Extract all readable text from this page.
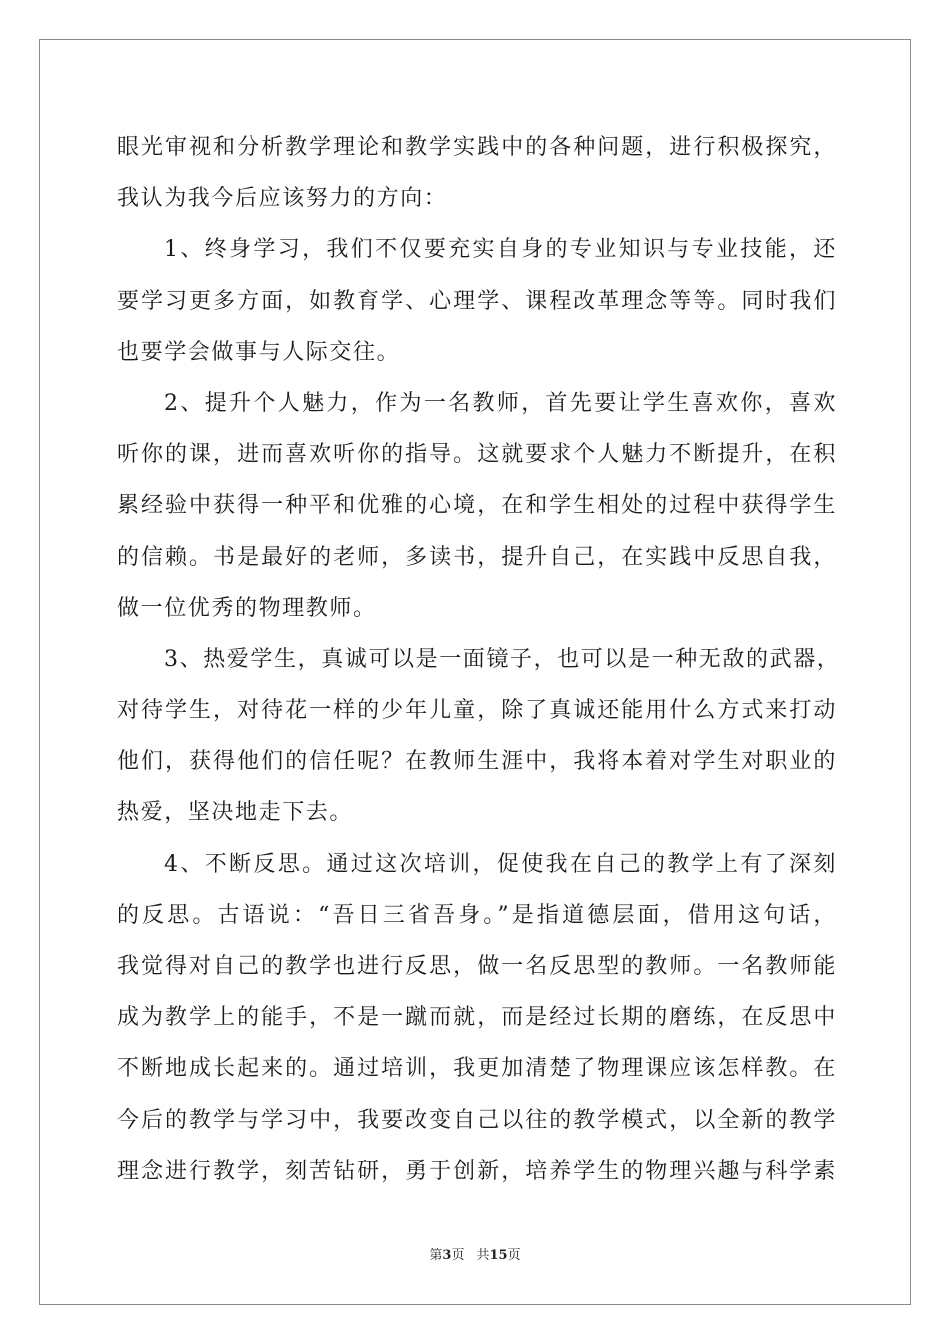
眼光审视和分析教学理论和教学实践中的各种问题，进行积极探究，
我认为我今后应该努力的方向：
1、终身学习，我们不仅要充实自身的专业知识与专业技能，还
要学习更多方面，如教育学、心理学、课程改革理念等等。同时我们
也要学会做事与人际交往。
2、提升个人魅力，作为一名教师，首先要让学生喜欢你，喜欢
听你的课，进而喜欢听你的指导。这就要求个人魅力不断提升，在积
累经验中获得一种平和优雅的心境，在和学生相处的过程中获得学生
的信赖。书是最好的老师，多读书，提升自己，在实践中反思自我，
做一位优秀的物理教师。
3、热爱学生，真诚可以是一面镜子，也可以是一种无敌的武器，
对待学生，对待花一样的少年儿童，除了真诚还能用什么方式来打动
他们，获得他们的信任呢？在教师生涯中，我将本着对学生对职业的
热爱，坚决地走下去。
4、不断反思。通过这次培训，促使我在自己的教学上有了深刻
的反思。古语说：“吾日三省吾身。”是指道德层面，借用这句话，
我觉得对自己的教学也进行反思，做一名反思型的教师。一名教师能
成为教学上的能手，不是一蹴而就，而是经过长期的磨练，在反思中
不断地成长起来的。通过培训，我更加清楚了物理课应该怎样教。在
今后的教学与学习中，我要改变自己以往的教学模式，以全新的教学
理念进行教学，刻苦钻研，勇于创新，培养学生的物理兴趣与科学素
第3页 共15页
